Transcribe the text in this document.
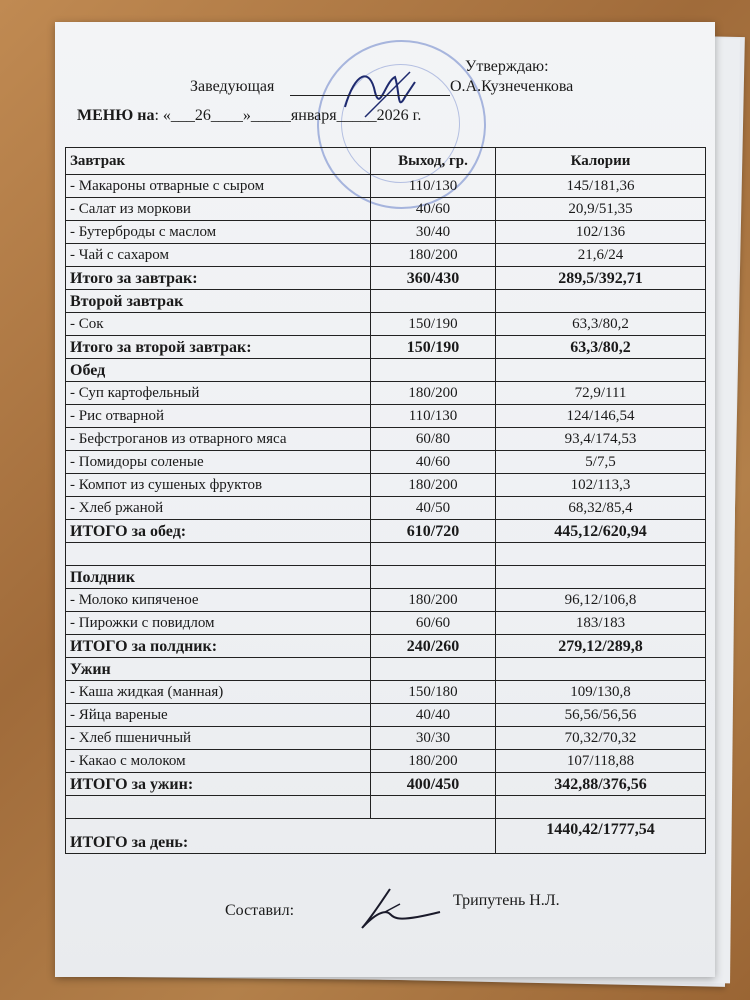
Утверждаю:
Заведующая	О.А.Кузнеченкова
МЕНЮ на: «___26____»_____января_____2026 г.
Завтрак	Выход, гр.	Калории
- Макароны отварные с сыром	110/130	145/181,36
- Салат из моркови	40/60	20,9/51,35
- Бутерброды с маслом	30/40	102/136
- Чай с сахаром	180/200	21,6/24
Итого за завтрак:	360/430	289,5/392,71
Второй завтрак		
- Сок	150/190	63,3/80,2
Итого за второй завтрак:	150/190	63,3/80,2
Обед		
- Суп картофельный	180/200	72,9/111
- Рис отварной	110/130	124/146,54
- Бефстроганов из отварного мяса	60/80	93,4/174,53
- Помидоры соленые	40/60	5/7,5
- Компот из сушеных фруктов	180/200	102/113,3
- Хлеб ржаной	40/50	68,32/85,4
ИТОГО за обед:	610/720	445,12/620,94

Полдник		
- Молоко кипяченое	180/200	96,12/106,8
- Пирожки с повидлом	60/60	183/183
ИТОГО за полдник:	240/260	279,12/289,8
Ужин		
- Каша жидкая (манная)	150/180	109/130,8
- Яйца вареные	40/40	56,56/56,56
- Хлеб пшеничный	30/30	70,32/70,32
- Какао с молоком	180/200	107/118,88
ИТОГО за ужин:	400/450	342,88/376,56

ИТОГО за день:		1440,42/1777,54
Составил:
Трипутень Н.Л.
